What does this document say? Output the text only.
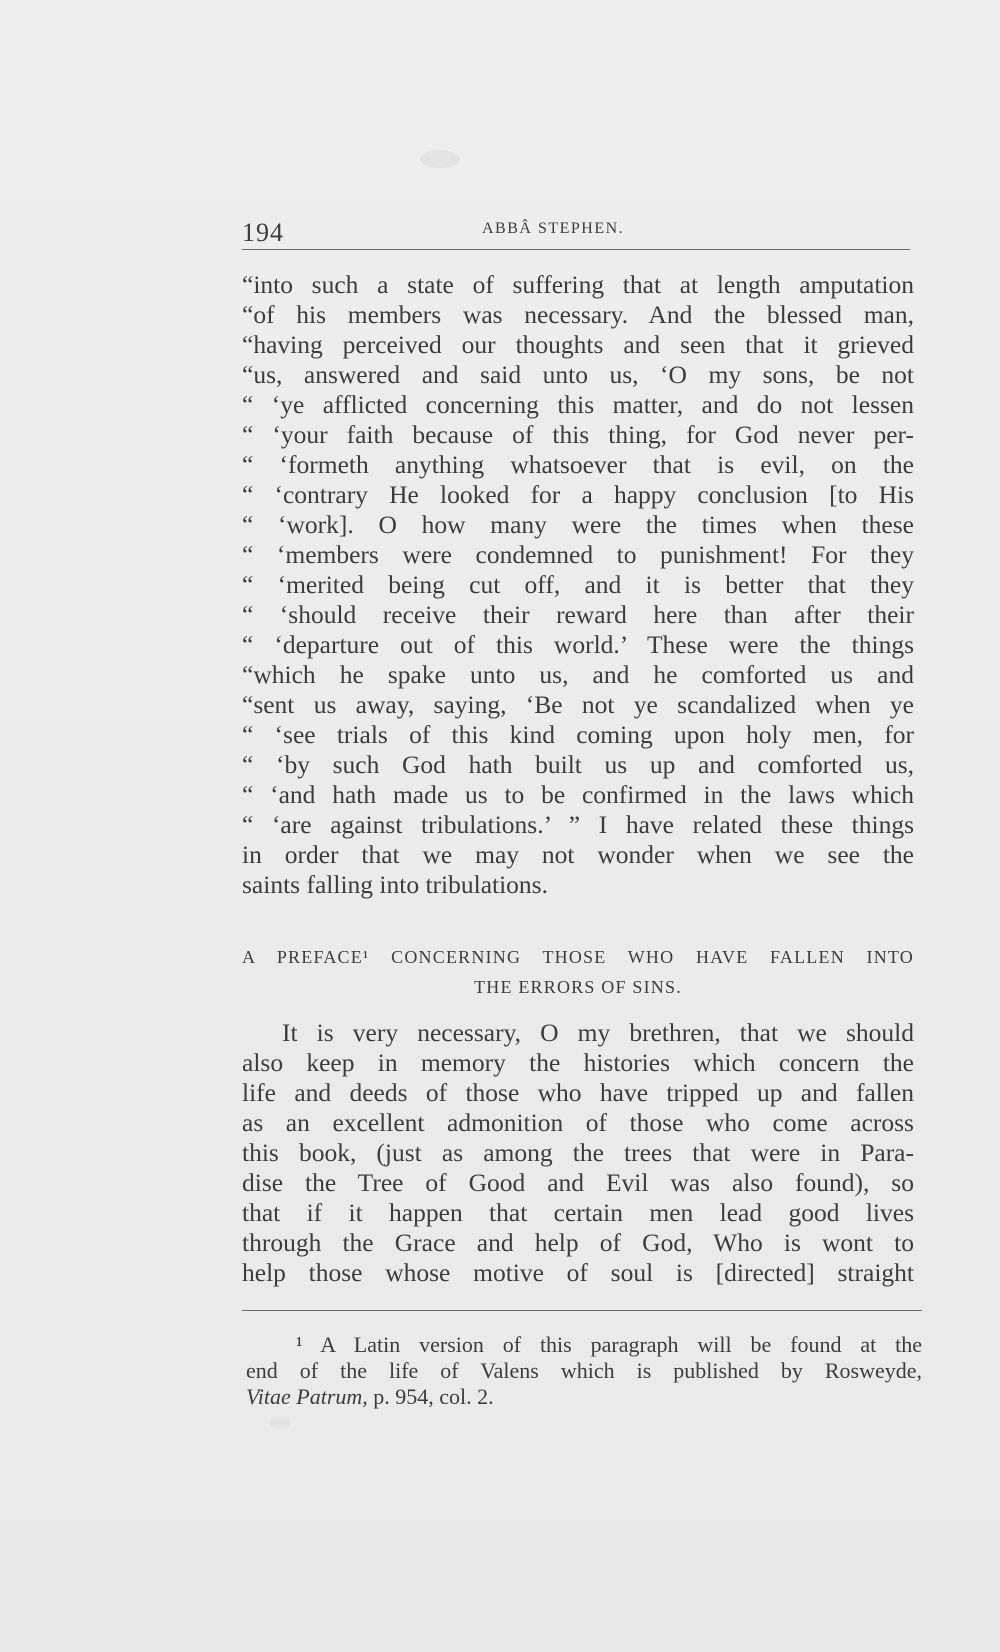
194	ABBÂ STEPHEN.
“into such a state of suffering that at length amputation
“of his members was necessary. And the blessed man,
“having perceived our thoughts and seen that it grieved
“us, answered and said unto us, ‘O my sons, be not
“ ‘ye afflicted concerning this matter, and do not lessen
“ ‘your faith because of this thing, for God never per-
“ ‘formeth anything whatsoever that is evil, on the
“ ‘contrary He looked for a happy conclusion [to His
“ ‘work]. O how many were the times when these
“ ‘members were condemned to punishment! For they
“ ‘merited being cut off, and it is better that they
“ ‘should receive their reward here than after their
“ ‘departure out of this world.’ These were the things
“which he spake unto us, and he comforted us and
“sent us away, saying, ‘Be not ye scandalized when ye
“ ‘see trials of this kind coming upon holy men, for
“ ‘by such God hath built us up and comforted us,
“ ‘and hath made us to be confirmed in the laws which
“ ‘are against tribulations.’ ” I have related these things
in order that we may not wonder when we see the
saints falling into tribulations.
A PREFACE¹ CONCERNING THOSE WHO HAVE FALLEN INTO
THE ERRORS OF SINS.
It is very necessary, O my brethren, that we should
also keep in memory the histories which concern the
life and deeds of those who have tripped up and fallen
as an excellent admonition of those who come across
this book, (just as among the trees that were in Para-
dise the Tree of Good and Evil was also found), so
that if it happen that certain men lead good lives
through the Grace and help of God, Who is wont to
help those whose motive of soul is [directed] straight
¹ A Latin version of this paragraph will be found at the
end of the life of Valens which is published by Rosweyde,
Vitae Patrum, p. 954, col. 2.
